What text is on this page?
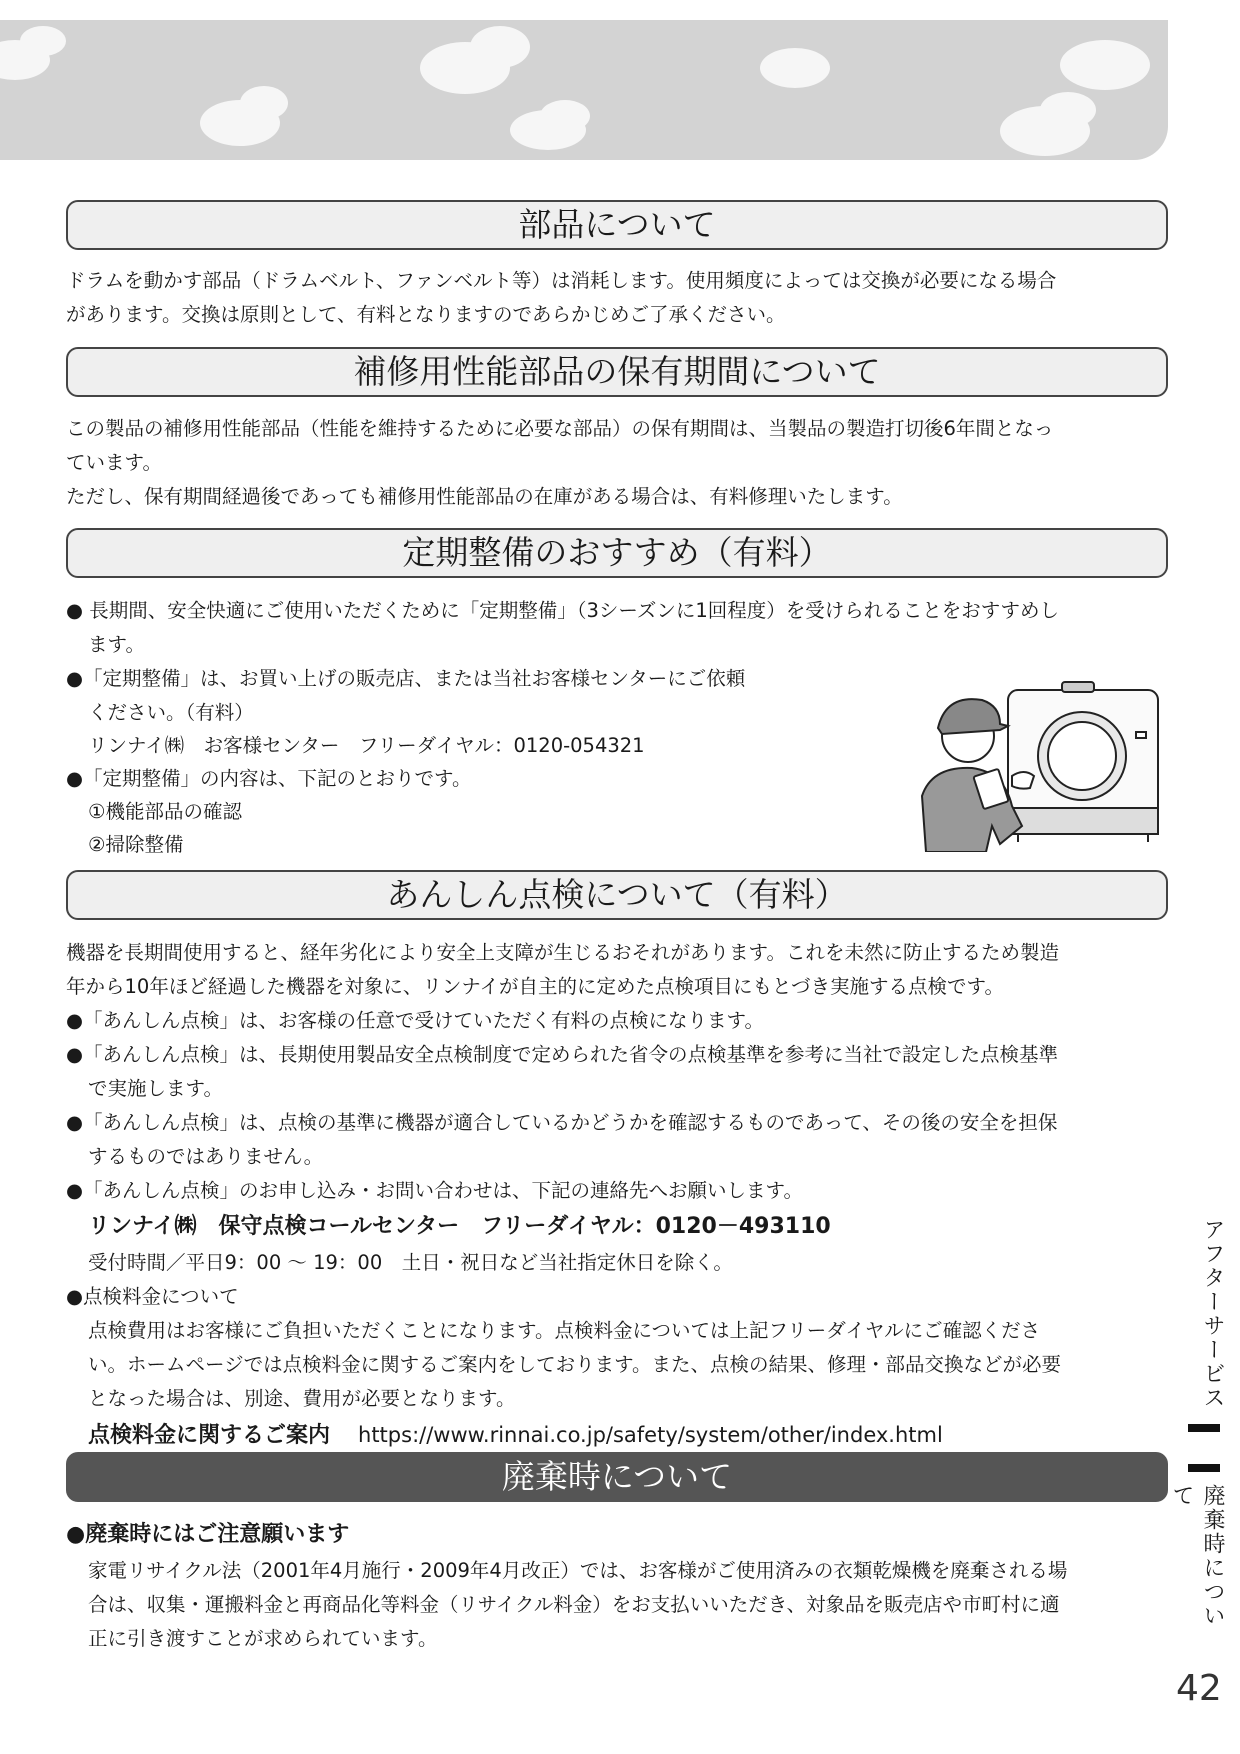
部品について

ドラムを動かす部品（ドラムベルト、ファンベルト等）は消耗します。使用頻度によっては交換が必要になる場合

があります。交換は原則として、有料となりますのであらかじめご了承ください。

補修用性能部品の保有期間について

この製品の補修用性能部品（性能を維持するために必要な部品）の保有期間は、当製品の製造打切後6年間となっ

ています。

ただし、保有期間経過後であっても補修用性能部品の在庫がある場合は、有料修理いたします。

定期整備のおすすめ（有料）

● 長期間、安全快適にご使用いただくために「定期整備」（3シーズンに1回程度）を受けられることをおすすめし

ます。

●「定期整備」は、お買い上げの販売店、または当社お客様センターにご依頼

ください。（有料）

リンナイ㈱　お客様センター　フリーダイヤル：0120-054321

●「定期整備」の内容は、下記のとおりです。

①機能部品の確認

②掃除整備

あんしん点検について（有料）

機器を長期間使用すると、経年劣化により安全上支障が生じるおそれがあります。これを未然に防止するため製造

年から10年ほど経過した機器を対象に、リンナイが自主的に定めた点検項目にもとづき実施する点検です。

●「あんしん点検」は、お客様の任意で受けていただく有料の点検になります。

●「あんしん点検」は、長期使用製品安全点検制度で定められた省令の点検基準を参考に当社で設定した点検基準

で実施します。

●「あんしん点検」は、点検の基準に機器が適合しているかどうかを確認するものであって、その後の安全を担保

するものではありません。

●「あんしん点検」のお申し込み・お問い合わせは、下記の連絡先へお願いします。

リンナイ㈱　保守点検コールセンター　フリーダイヤル：0120－493110

受付時間／平日9：00 ～ 19：00　土日・祝日など当社指定休日を除く。

●点検料金について

点検費用はお客様にご負担いただくことになります。点検料金については上記フリーダイヤルにご確認くださ

い。ホームページでは点検料金に関するご案内をしております。また、点検の結果、修理・部品交換などが必要

となった場合は、別途、費用が必要となります。

点検料金に関するご案内 https://www.rinnai.co.jp/safety/system/other/index.html

廃棄時について

●廃棄時にはご注意願います

家電リサイクル法（2001年4月施行・2009年4月改正）では、お客様がご使用済みの衣類乾燥機を廃棄される場

合は、収集・運搬料金と再商品化等料金（リサイクル料金）をお支払いいただき、対象品を販売店や市町村に適

正に引き渡すことが求められています。

アフターサービス
廃棄時について
42
